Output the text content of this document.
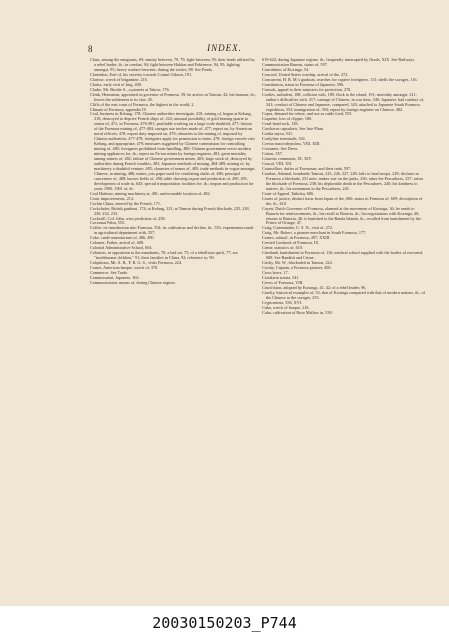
8	INDEX.

Clans, among the emigrants, 69; enmity between, 79, 79; fight between, 93; their feuds utilized by a rebel leader, ib.; in combat, 94; fight between Hakkas and Fokienese, 94, 95; fighting amongst, 95; heavy warfare between, during the sixties, 98. See Feuds.

Clarendon, Earl of, his severity towards Consul Gibson, 191.

Clarisse, wreck of brigantine, 216.

Clarita, early visit of brig, 400.

Clarke, Mr. Brodie A., a pioneer at Takow, 176.

Clenk, Hermanus, appointed as governor of Formosa, 39; he arrives at Taiwan, 42; his humour, ib.; leaves the settlement to its fate, 45.

Cliffs of the east coast of Formosa, the highest in the world, 2.

Climate of Formosa, appendix IV.

Coal, business in Kelung, 178; Chinese authorities investigate, 210; mining of, begun at Kelung, 210; destroyed to deprive French ships of, 222; unusual possibility of gold bearing quartz to seams of, 471; in Formosa, 476-491; profitable working on a large scale doubtful, 477; history of the Formosa mining of, 477-484; savages use torches made of, 477; report on, by American naval officers, 478; export duty imposed on, 479; obstacles to the mining of, imposed by Chinese authorities, 477-479; foreigners apply for permission to mine, 479; foreign vessels visit Kelung, and appropriate, 479; measures suggested by Chinese commission for controlling mining of, 480; foreigners prohibited from handling, 480; Chinese government erects modern mining appliances for, ib.; report on Pa-ton mines by foreign engineer, 481; great mortality among miners of, 482; failure of Chinese government mines, 483; large stock of, destroyed by authorities during French troubles, 483; Japanese methods of mining, 484-489; mining of, by machinery a doubtful venture, 485; character of seams of, 485; trade methods in vogue amongst Chinese, in mining, 486; mines, joss paper used for ventilating shafts of, 486; principal concerners of, 488; known fields of, 490; table showing export and production of, 490, 491; development of trade in, 643; special transportation facilities for, ib.; import and production for years 1900, 1901 of, ib.

Coal Harbour, mining machinery at, 481; unfavourable location of, 482.

Coast improvements, 214.

Cochin China, entered by the French, 171.

Cockchafer, British gunboat, 174; at Kelung, 221; at Tamsui during French blockade, 225, 228, 230, 232, 233.

Cockerill, Col. John, wise prediction of, 258.

Cocoanut Palm, 555.

Coffee, its introduction into Formosa, 554; its cultivation and decline, ib., 555; experiments made in agricultural department with, 557.

Coke, crude manufacture of, 486, 490.

Colomer, Father, arrival of, 608.

Colonial Administrative School, 604.

Colonists, in opposition to the mandarins, 70; a bad set, 75; of a rebellious spirit, 77; are "troublesome children," 91; their families in China, 92; reference to, 90.

Colquhoun, Mr. A. R., F. R. G. S., visits Formosa, 224.

Comet, American barque, wreck of, 370.

Commerce. See Trade.

Commissariat, Japanese, 302.

Communication, means of, during Chinese regime,

619-622; during Japanese regime, ib.; frequently interrupted by floods, XIX. See Railways.

Communication Bureau, status of, 597.

Concubines of Koxinga, 54.

Concord, United States warship, arrival of the, 272.

Concurrent, H. B. M.'s gunboat, searches for captive foreigners, 115; shells the savages, 116.

Constitution, status in Formosa of Japanese, 596.

Consuls, appeal to their ministers for protection, 270.

Coolies, turbulent, 188; collision with, 189; flock to the island, 191; mortality amongst, 211; author's difficulties with, 317; carnage of Chinese, in war time, 349; Japanese, bad conduct of, 341; conduct of Chinese and Japanese, compared, 343; attached to Japanese South Formosa expedition, 353; immigration of, 394; report by foreign engineer on Chinese, 482.

Copra, demand for refuse, and use as cattle food, 555.

Coquette, loss of clipper, 180.

Coral-head rock, 138.

Corchorus capsularis. See Jute Plant.

Cordia myxa, 541.

Cordyline terminalis, 541.

Corvus macrorhynchus, VIII, XIII.

Costumes. See Dress.

Cotton, 557.

Coturnix communis, IX, XIV.

Coucal, VIII, XII.

Counsellors, duties of Formosan, and their rank, 597.

Courbet, Admiral, bombards Tamsui, 225, 226, 227, 228; fails to land troops, 229; declares in Formosa a blockade, 231 note; makes war on the junks, 236; takes the Pescadores, 237; raises the blockade of Formosa, 238; his deplorable death in the Pescadores, 240; his kindness to natives, ib.; his monument in the Pescadores, 241.

Court of Appeal, Taihoku, 606.

Courts of justice, distinct basis from Japan of the, 606; status in Formosa of, 609; description of the, ib., 610.

Coyett, Dutch Governor of Formosa, alarmed at the movement of Koxinga, 36; he sends to Batavia for reinforcements, ib.; his recall to Batavia, ib.; his negotiations with Koxinga, 40; returns to Batavia, 46; is banished to the Banda Islands, ib.; recalled from banishment by the Prince of Orange, 47.

Craig, Commander, U. S. N., visit of, 272.

Craig, Mr. Robert, a pioneer merchant in South Formosa, 177.

Cranes, subsoil, in Formosa, 497; XXIII.

Crested Goshawk of Formosa, IX.

Crime, statistics of, 610.

Crimbarh, banishment to Formosa of, 116; medical school supplied with the bodies of executed, 608. See Banditti and Crime.

Crisby, Mr. W., blockaded in Tamsui, 224.

Crosby, Captain, a Formosa pioneer, 400.

Cross bows, 17.

Crotalaria striata, 541.

Crows of Formosa, VIII.

Crucifixion, adopted by Koxinga, 41, 42; of a rebel leader, 96.

Cruelty, historical examples of, 53; that of Koxinga compared with that of modern nations, ib.; of the Chinese to the savages, 255.

Cryptomeria, 556, XVI.

Cuba, wreck of barque, 216.

Cuba, cultivation of Rose Mallow in, 539.

20030150203_P744
